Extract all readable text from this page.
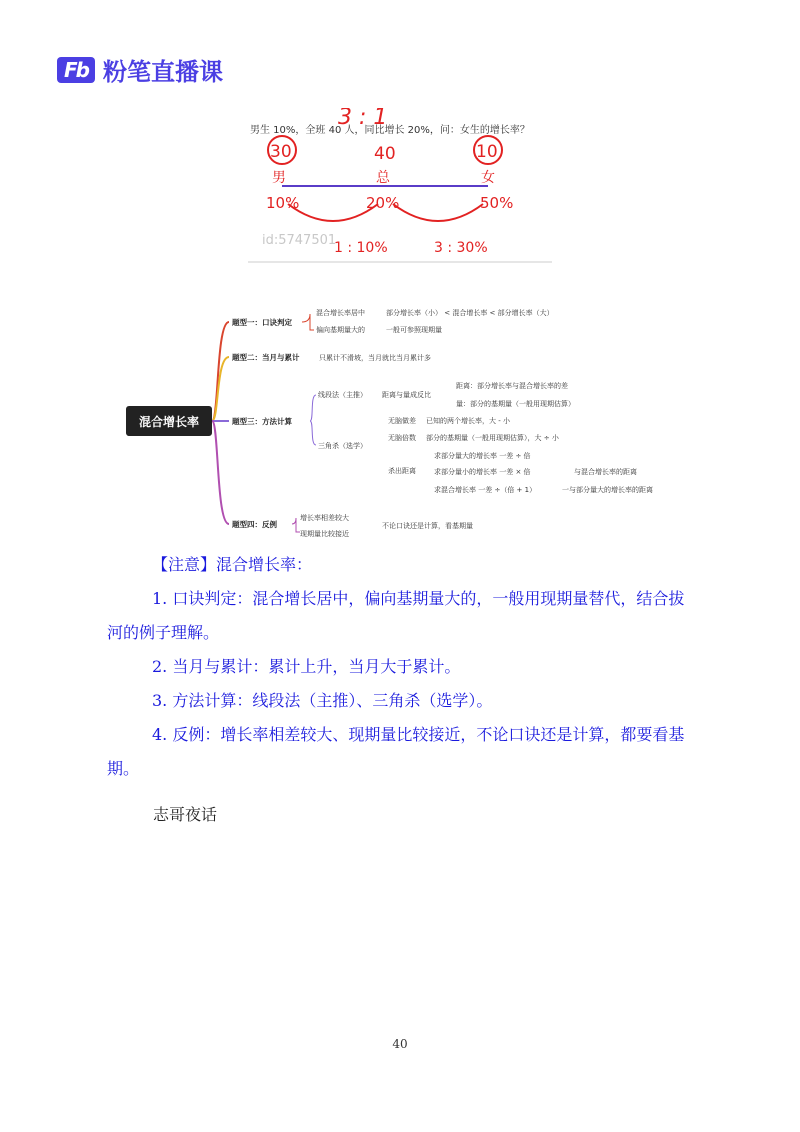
Fb 粉笔直播课
男生 10%，全班 40 人，同比增长 20%，问：女生的增长率？
3 : 1
30	40	10
男	总	女
10%	20%	50%
id:5747501
1 : 10%	3 : 30%
混合增长率
题型一：口诀判定
混合增长率居中	部分增长率（小） < 混合增长率 < 部分增长率（大）
偏向基期量大的	一般可参照现期量
题型二：当月与累计	只累计不滑坡，当月就比当月累计多
题型三：方法计算
线段法（主推） 距离与量成反比
距离：部分增长率与混合增长率的差
量：部分的基期量（一般用现期估算）
三角杀（选学）
无脑做差 已知的两个增长率，大 - 小
无脑倍数 部分的基期量（一般用现期估算），大 ÷ 小
杀出距离
求部分量大的增长率 一差 ÷ 倍
求部分量小的增长率 一差 × 倍
求混合增长率 一差 ÷（倍 + 1）
与混合增长率的距离
一与部分量大的增长率的距离
题型四：反例
增长率相差较大
现期量比较接近
不论口诀还是计算，看基期量

【注意】混合增长率：

1. 口诀判定：混合增长居中，偏向基期量大的，一般用现期量替代，结合拔河的例子理解。

2. 当月与累计：累计上升，当月大于累计。

3. 方法计算：线段法（主推）、三角杀（选学）。

4. 反例：增长率相差较大、现期量比较接近，不论口诀还是计算，都要看基期。

志哥夜话
40
